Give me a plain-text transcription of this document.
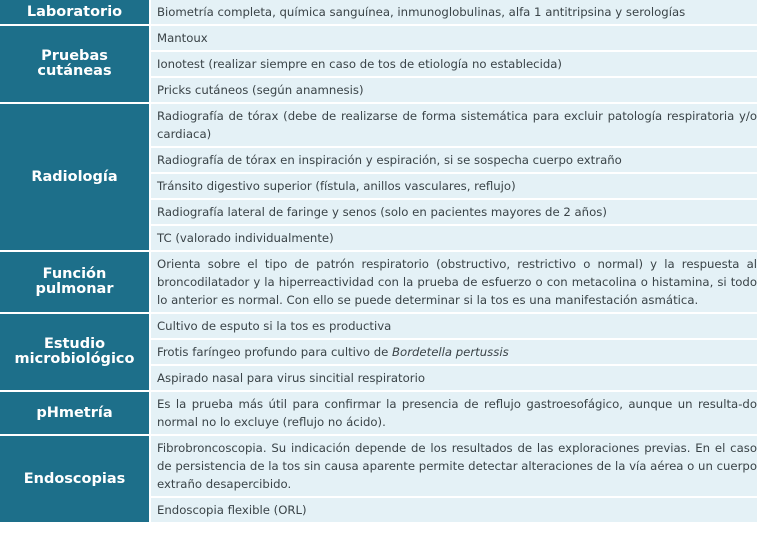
Laboratorio	Biometría completa, química sanguínea, inmunoglobulinas, alfa 1 antitripsina y serologías

Pruebas cutáneas	Mantoux
Ionotest (realizar siempre en caso de tos de etiología no establecida)
Pricks cutáneos (según anamnesis)

Radiología	Radiografía de tórax (debe de realizarse de forma sistemática para excluir patología respiratoria y/o cardiaca)
Radiografía de tórax en inspiración y espiración, si se sospecha cuerpo extraño
Tránsito digestivo superior (fístula, anillos vasculares, reflujo)
Radiografía lateral de faringe y senos (solo en pacientes mayores de 2 años)
TC (valorado individualmente)

Función pulmonar	Orienta sobre el tipo de patrón respiratorio (obstructivo, restrictivo o normal) y la respuesta al broncodilatador y la hiperreactividad con la prueba de esfuerzo o con metacolina o histamina, si todo lo anterior es normal. Con ello se puede determinar si la tos es una manifestación asmática.

Estudio microbiológico	Cultivo de esputo si la tos es productiva
Frotis faríngeo profundo para cultivo de Bordetella pertussis
Aspirado nasal para virus sincitial respiratorio

pHmetría	Es la prueba más útil para confirmar la presencia de reflujo gastroesofágico, aunque un resulta-do normal no lo excluye (reflujo no ácido).

Endoscopias	Fibrobroncoscopia. Su indicación depende de los resultados de las exploraciones previas. En el caso de persistencia de la tos sin causa aparente permite detectar alteraciones de la vía aérea o un cuerpo extraño desapercibido.
Endoscopia flexible (ORL)
